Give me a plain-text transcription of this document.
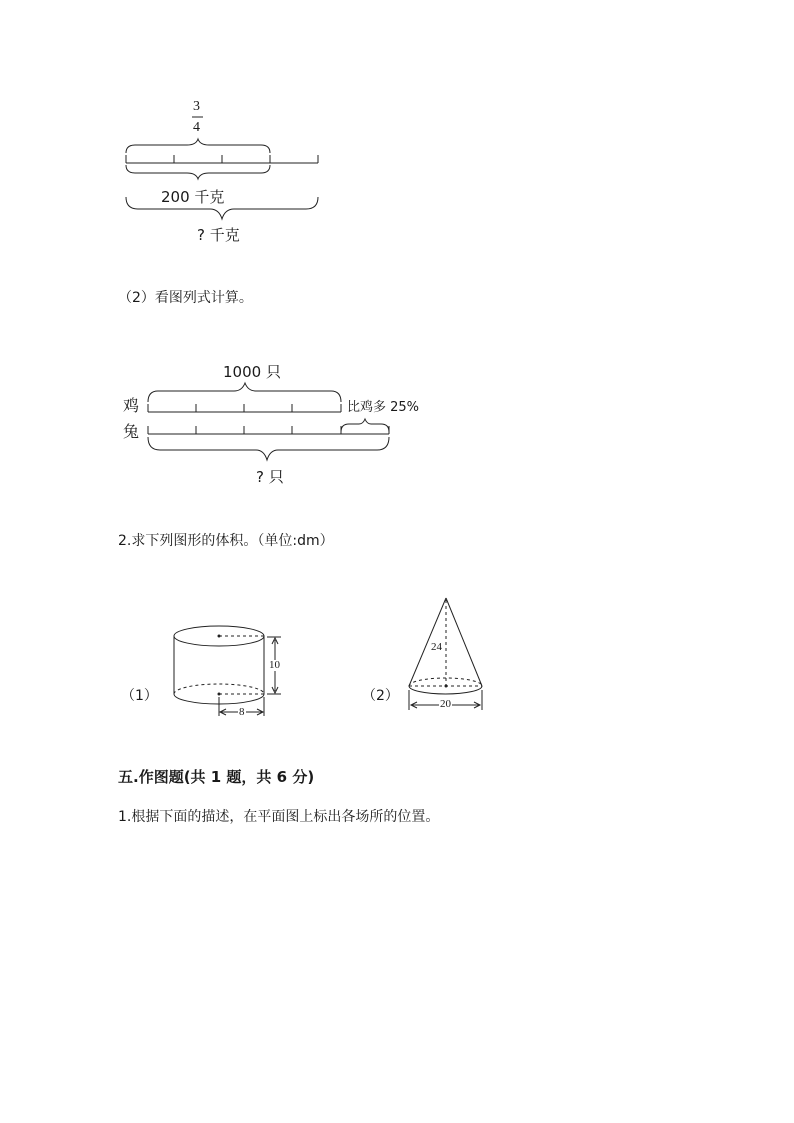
3
4
200 千克
? 千克
（2）看图列式计算。
1000 只
鸡
兔
比鸡多 25%
? 只
2.求下列图形的体积。（单位:dm）
（1）
10
8
（2）
24
20
五.作图题(共 1 题，共 6 分)
1.根据下面的描述，在平面图上标出各场所的位置。
